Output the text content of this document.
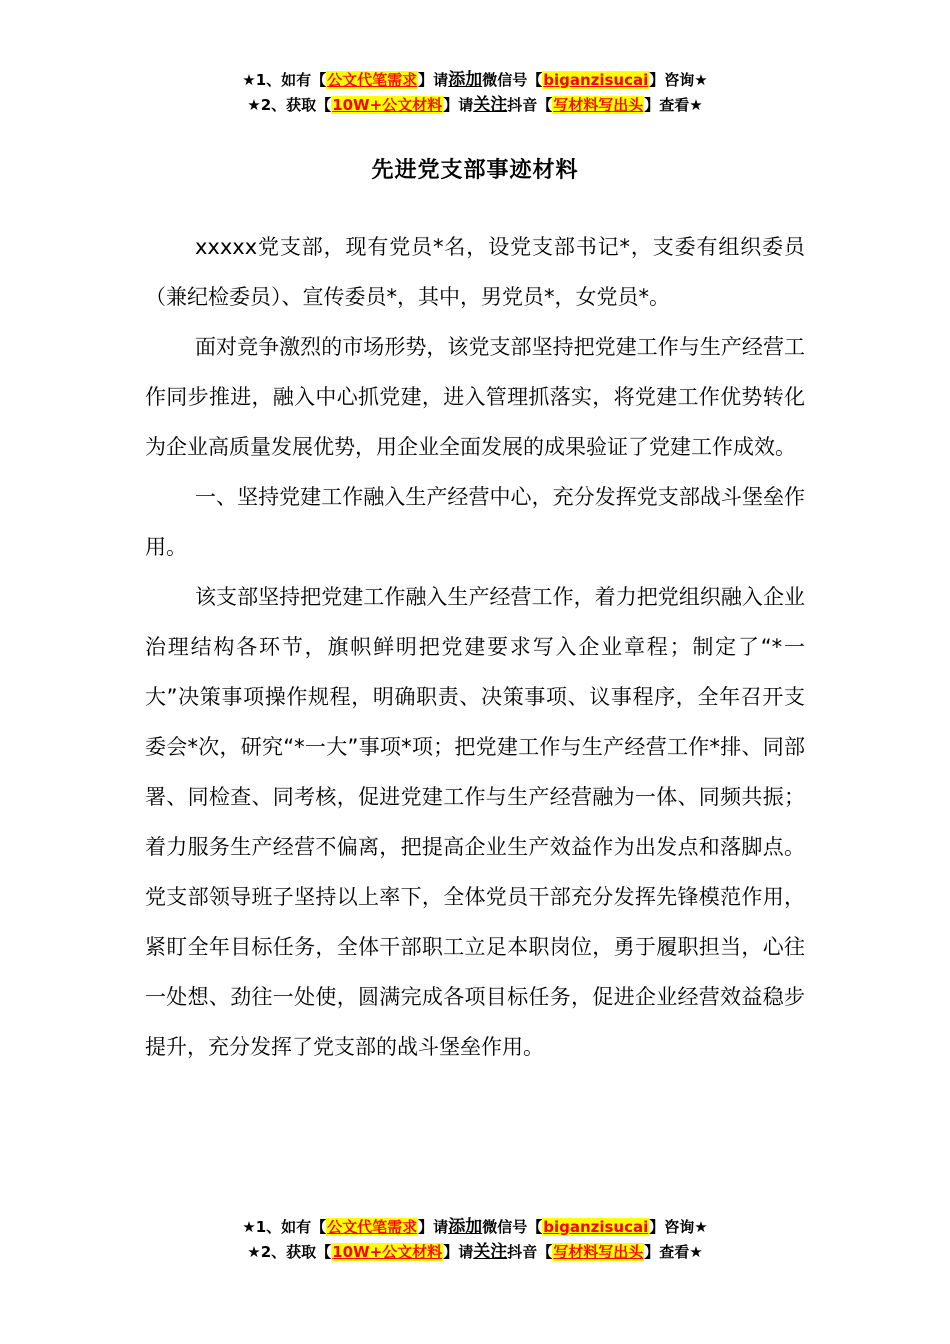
★1、如有【公文代笔需求】请添加微信号【biganzisucai】咨询★
★2、获取【10W+公文材料】请关注抖音【写材料写出头】查看★
先进党支部事迹材料

xxxxx党支部，现有党员*名，设党支部书记*，支委有组织委员（兼纪检委员）、宣传委员*，其中，男党员*，女党员*。

面对竞争激烈的市场形势，该党支部坚持把党建工作与生产经营工作同步推进，融入中心抓党建，进入管理抓落实，将党建工作优势转化为企业高质量发展优势，用企业全面发展的成果验证了党建工作成效。

一、坚持党建工作融入生产经营中心，充分发挥党支部战斗堡垒作用。

该支部坚持把党建工作融入生产经营工作，着力把党组织融入企业治理结构各环节，旗帜鲜明把党建要求写入企业章程；制定了“*一大”决策事项操作规程，明确职责、决策事项、议事程序，全年召开支委会*次，研究“*一大”事项*项；把党建工作与生产经营工作*排、同部署、同检查、同考核，促进党建工作与生产经营融为一体、同频共振；着力服务生产经营不偏离，把提高企业生产效益作为出发点和落脚点。党支部领导班子坚持以上率下，全体党员干部充分发挥先锋模范作用，紧盯全年目标任务，全体干部职工立足本职岗位，勇于履职担当，心往一处想、劲往一处使，圆满完成各项目标任务，促进企业经营效益稳步提升，充分发挥了党支部的战斗堡垒作用。

★1、如有【公文代笔需求】请添加微信号【biganzisucai】咨询★
★2、获取【10W+公文材料】请关注抖音【写材料写出头】查看★
